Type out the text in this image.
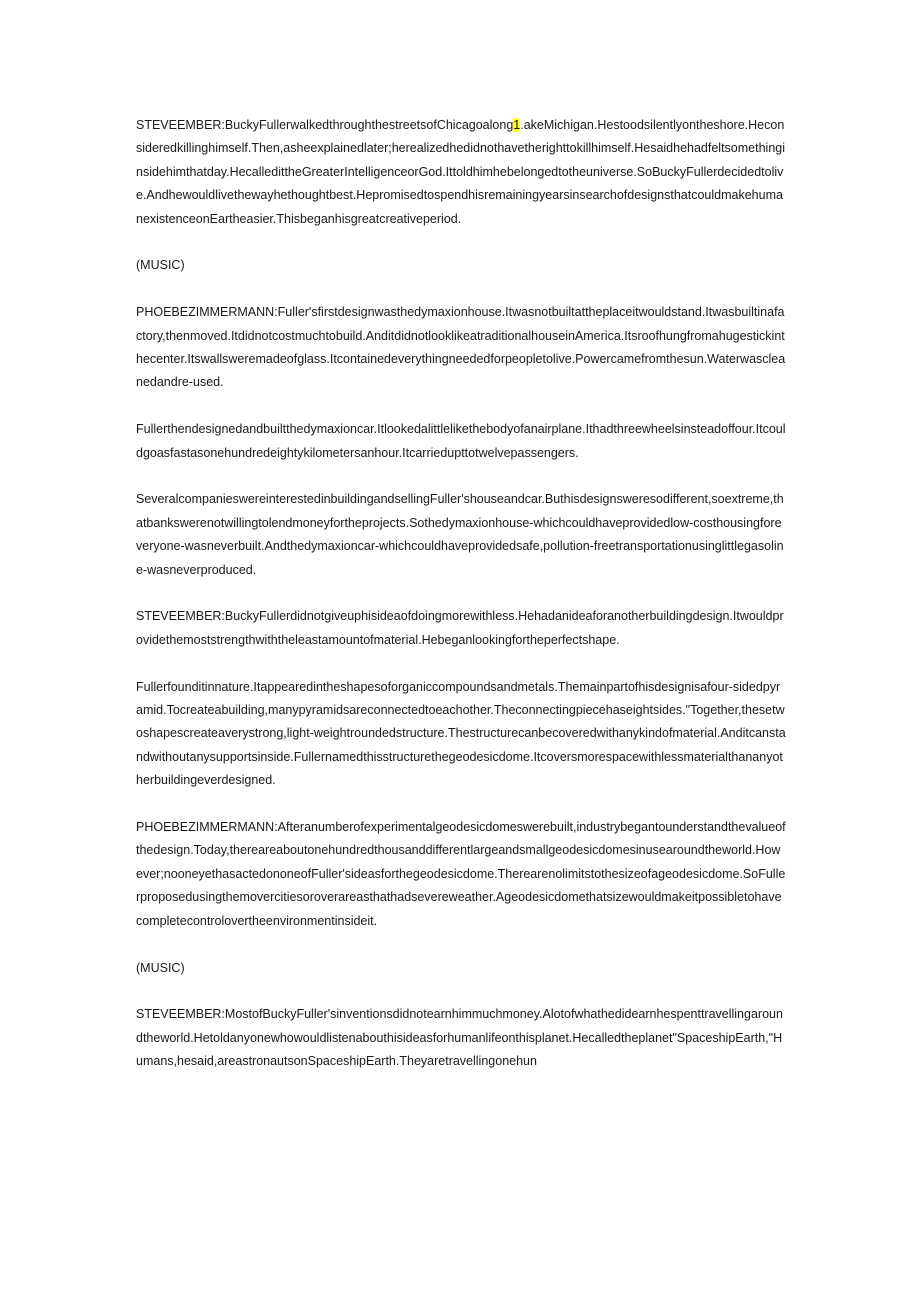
STEVEEMBER:BuckyFullerwalkedthroughthestreetsofChicagoalong1.akeMichigan.Hestoodsilentlyontheshore.Heconsideredkillinghimself.Then,asheexplainedlater;herealizedhedidnothavetherighttokillhimself.Hesaidhehadfeltsomethinginsidehimthatday.HecalledittheGreaterIntelligenceorGod.Ittoldhimhebelongedtotheuniverse.SoBuckyFullerdecidedtolive.Andhewouldlivethewayhethoughtbest.HepromisedtospendhisremainingyearsinsearchofdesignsthatcouldmakehumanexistenceonEarthеasier.Thisbeganhisgreatcreativeperiod.

(MUSIC)

PHOEBEZIMMERMANN:Fuller'sfirstdesignwasthedymaxionhouse.Itwasnotbuiltattheplaceitwouldstand.Itwasbuiltinafactory,thenmoved.Itdidnotcostmuchtobuild.AnditdidnotlooklikeatraditionalhouseinAmerica.Itsroofhungfromahugestickinthecenter.Itswallsweremadeofglass.Itcontainedeverythingneededforpeopletolive.Powercamefromthesun.Waterwascleanedandre-used.

Fullerthendesignedandbuiltthedymaxioncar.Itlookedalittlelikethebodyofanairplane.Ithadthreewheelsinsteadoffour.Itcouldgoasfastasonehundredeightykilometersanhour.Itcarriedupttotwelvepassengers.

SeveralcompanieswereinterestedinbuildingandsellingFuller'shouseandcar.Buthisdesignsweresodifferent,soextreme,thatbankswerenotwillingtolendmoneyfortheprojects.Sothedymaxionhouse-whichcouldhaveprovidedlow-costhousingforeveryone-wasneverbuilt.Andthedymaxioncar-whichcouldhaveprovidedsafe,pollution-freetransportationusinglittlegasoline-wasneverproduced.

STEVEEMBER:BuckyFullerdidnotgiveuphisideaofdoingmorewithless.Hehadanideaforanotherbuildingdesign.Itwouldprovidethemoststrengthwiththeleastamountofmaterial.Hebeganlookingfortheperfectshape.

Fullerfounditinnature.Itappearedintheshapesoforganiccompoundsandmetals.Themainpartofhisdesignisafour-sidedpyramid.Tocreateabuilding,manypyramidsareconnectedtoeachother.Theconnectingpiecehaseightsides."Together,thesetwoshapescreateaverystrong,light-weightroundedstructure.Thestructurecanbecoveredwithanykindofmaterial.Anditcanstandwithoutanysupportsinside.Fullernamedthisstructurethegeodesicdome.Itcoversmorespacewithlessmaterialthananyotherbuildingeverdesigned.

PHOEBEZIMMERMANN:Afteranumberofexperimentalgeodesicdomeswerebuilt,industrybegantounderstandthevalueofthedesign.Today,thereareaboutonehundredthousanddifferentlargeandsmallgeodesicdomesinusearoundtheworld.However;nooneyethasactedononeofFuller'sideasforthegeodesicdome.Therearenolimitstothesizeofageodesicdome.SoFullerproposedusingthemovercitiesoroverareasthathadsevereweather.Ageodesicdomethatsizewouldmakeitpossibletohavecompletecontrolovertheenvironmentinsideit.

(MUSIC)

STEVEEMBER:MostofBuckyFuller'sinventionsdidnotearnhimmuchmoney.Alotofwhathedidearnhespenttravellingaroundtheworld.Hetoldanyonewhowouldlistenabouthisideasforhumanlifeonthisplanet.Hecalledtheplanet"SpaceshipEarth,"Humans,hesaid,areastronautsonSpaceshipEarth.Theyaretravellingonehun
